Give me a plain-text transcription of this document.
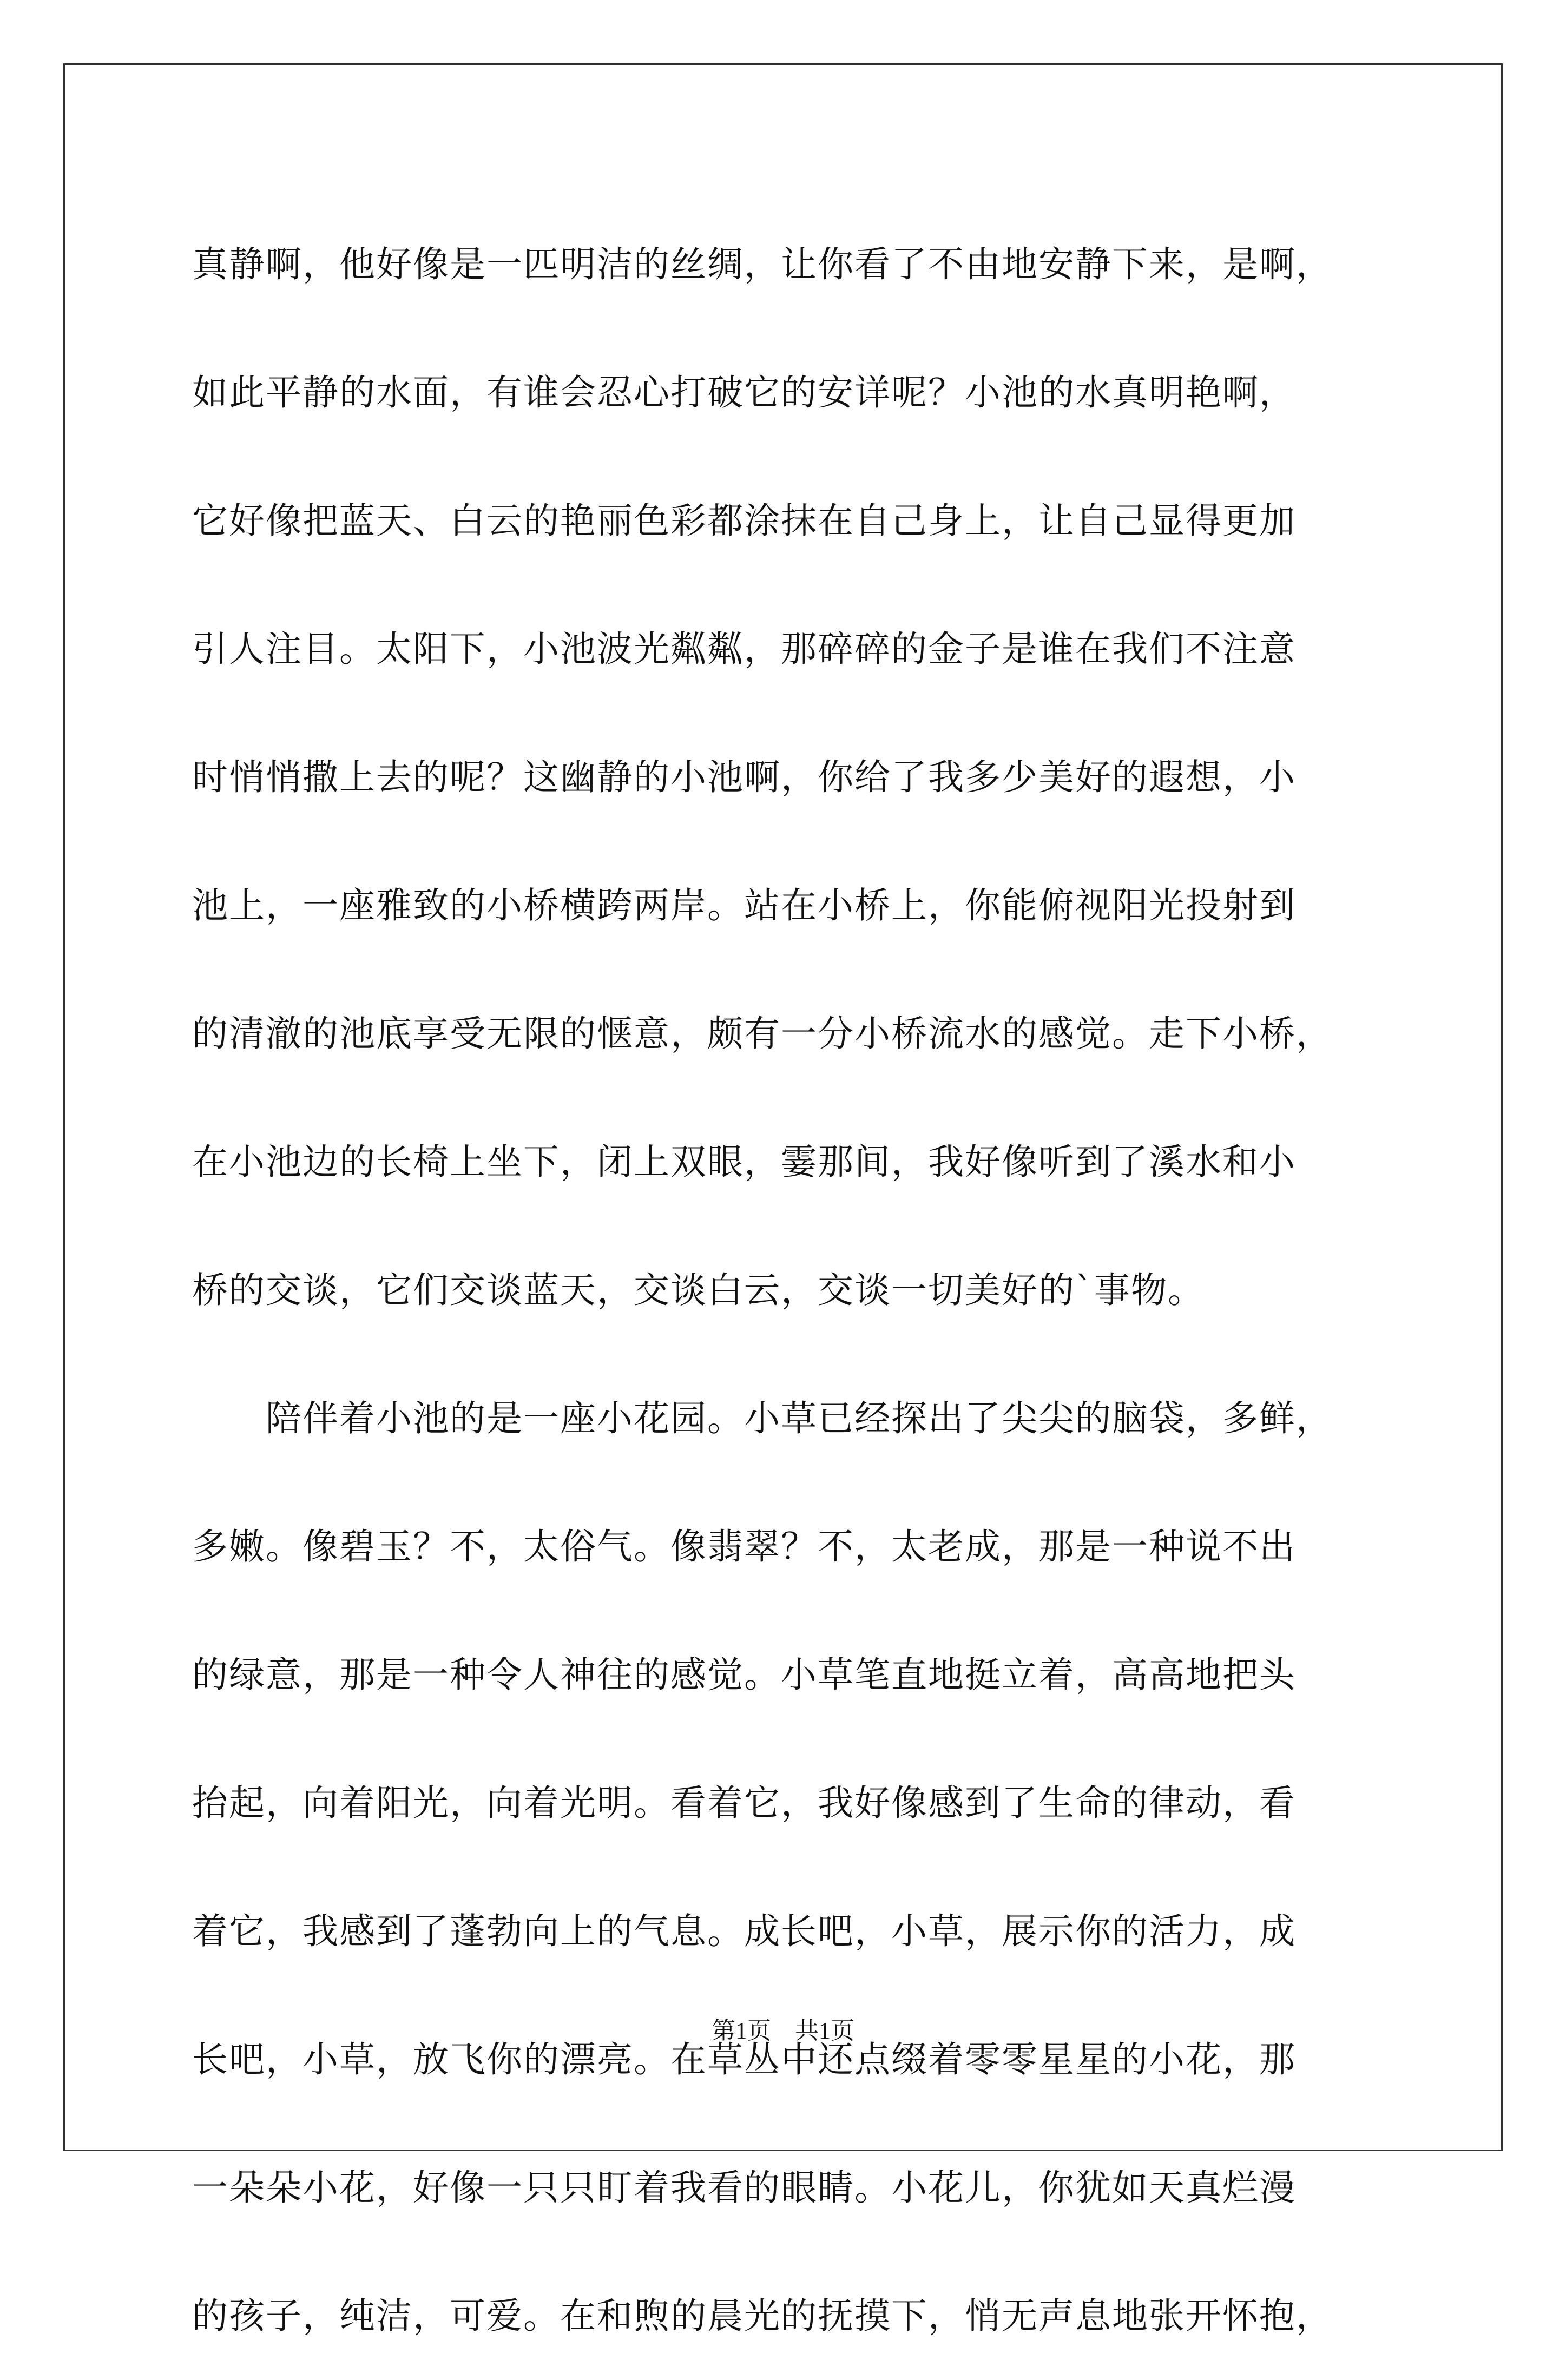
真静啊，他好像是一匹明洁的丝绸，让你看了不由地安静下来，是啊，
如此平静的水面，有谁会忍心打破它的安详呢？小池的水真明艳啊，
它好像把蓝天、白云的艳丽色彩都涂抹在自己身上，让自己显得更加
引人注目。太阳下，小池波光粼粼，那碎碎的金子是谁在我们不注意
时悄悄撒上去的呢？这幽静的小池啊，你给了我多少美好的遐想，小
池上，一座雅致的小桥横跨两岸。站在小桥上，你能俯视阳光投射到
的清澈的池底享受无限的惬意，颇有一分小桥流水的感觉。走下小桥，
在小池边的长椅上坐下，闭上双眼，霎那间，我好像听到了溪水和小
桥的交谈，它们交谈蓝天，交谈白云，交谈一切美好的`事物。
　　陪伴着小池的是一座小花园。小草已经探出了尖尖的脑袋，多鲜，
多嫩。像碧玉？不，太俗气。像翡翠？不，太老成，那是一种说不出
的绿意，那是一种令人神往的感觉。小草笔直地挺立着，高高地把头
抬起，向着阳光，向着光明。看着它，我好像感到了生命的律动，看
着它，我感到了蓬勃向上的气息。成长吧，小草，展示你的活力，成
长吧，小草，放飞你的漂亮。在草丛中还点缀着零零星星的小花，那
一朵朵小花，好像一只只盯着我看的眼睛。小花儿，你犹如天真烂漫
的孩子，纯洁，可爱。在和煦的晨光的抚摸下，悄无声息地张开怀抱，
第1页　共1页
